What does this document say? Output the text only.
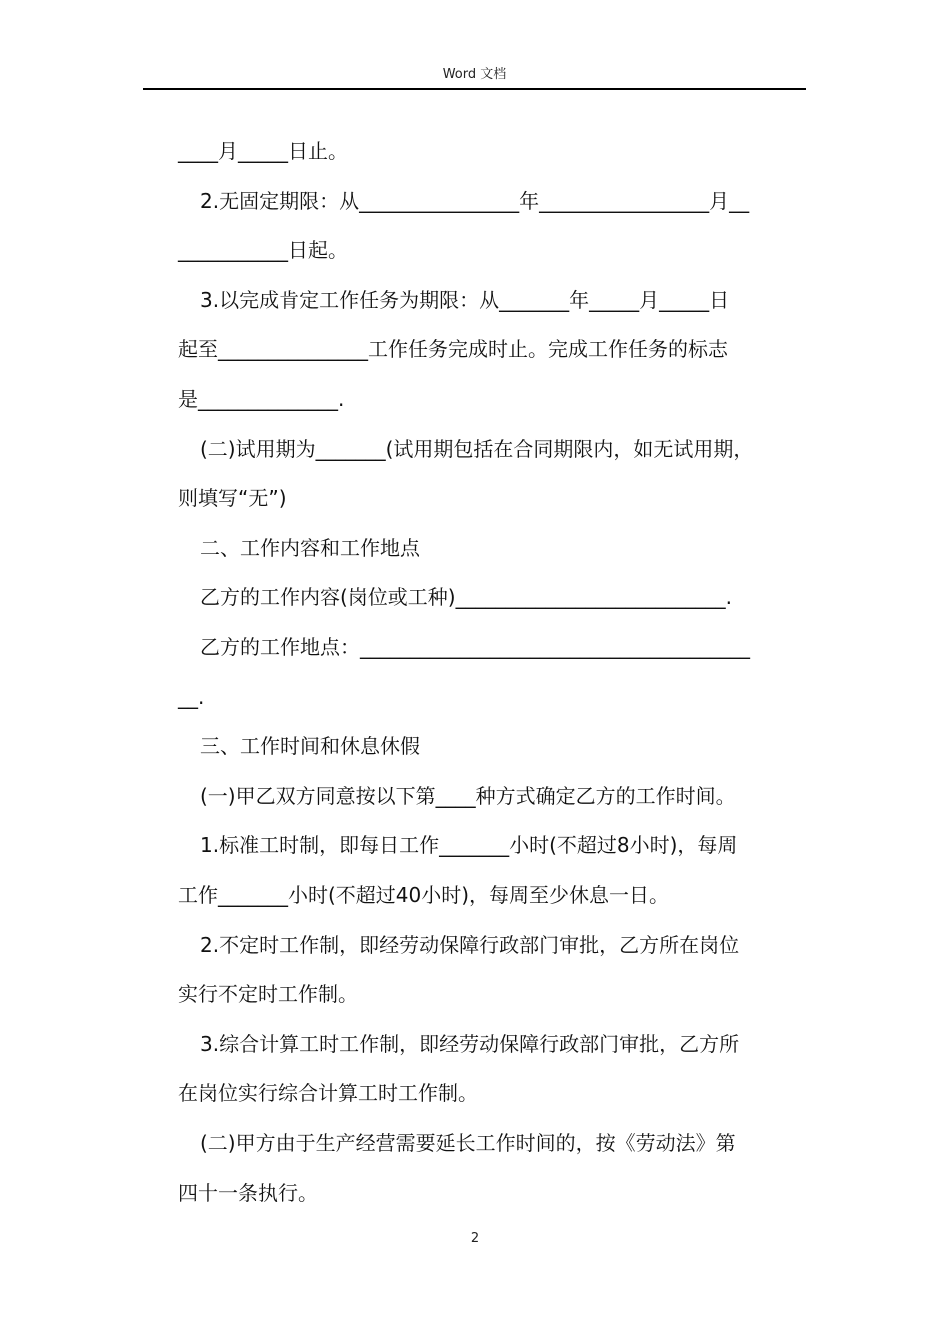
Word 文档
____月_____日止。
2.无固定期限：从________________年_________________月__
___________日起。
3.以完成肯定工作任务为期限：从_______年_____月_____日
起至_______________工作任务完成时止。完成工作任务的标志
是______________.
(二)试用期为_______(试用期包括在合同期限内，如无试用期，
则填写“无”)
二、工作内容和工作地点
乙方的工作内容(岗位或工种)___________________________.
乙方的工作地点：_______________________________________
__.
三、工作时间和休息休假
(一)甲乙双方同意按以下第____种方式确定乙方的工作时间。
1.标准工时制，即每日工作_______小时(不超过8小时)，每周
工作_______小时(不超过40小时)，每周至少休息一日。
2.不定时工作制，即经劳动保障行政部门审批，乙方所在岗位
实行不定时工作制。
3.综合计算工时工作制，即经劳动保障行政部门审批，乙方所
在岗位实行综合计算工时工作制。
(二)甲方由于生产经营需要延长工作时间的，按《劳动法》第
四十一条执行。
2
